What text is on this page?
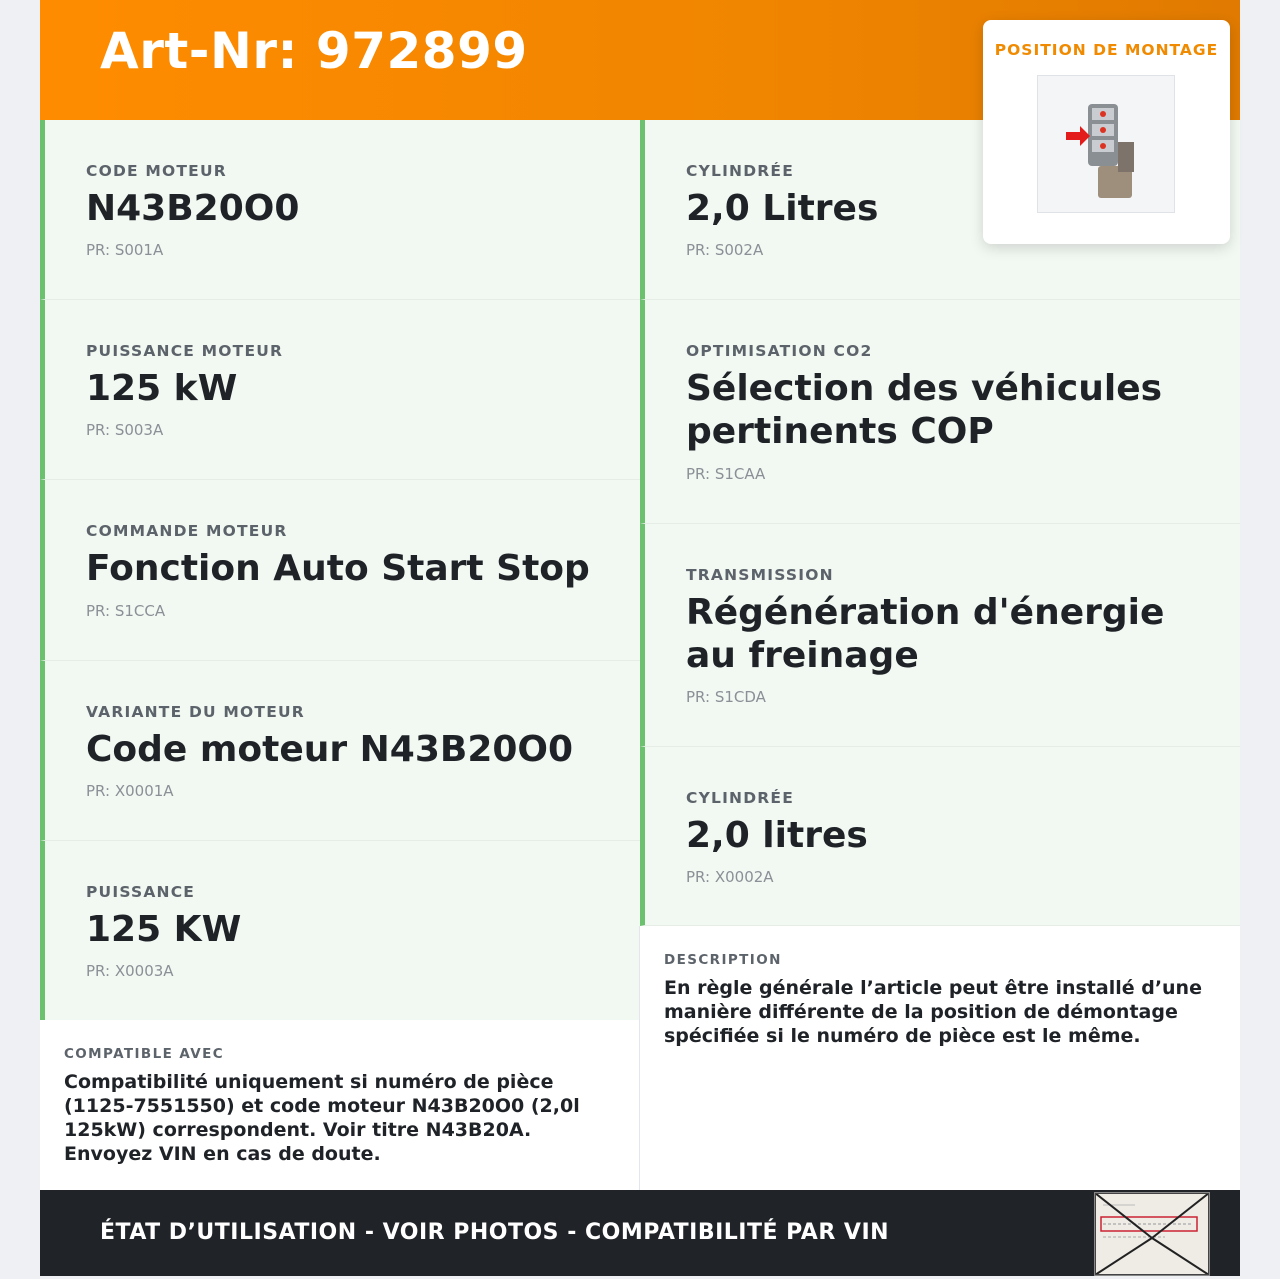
Art-Nr: 972899
CODE MOTEUR
N43B20O0
PR: S001A
PUISSANCE MOTEUR
125 kW
PR: S003A
COMMANDE MOTEUR
Fonction Auto Start Stop
PR: S1CCA
VARIANTE DU MOTEUR
Code moteur N43B20O0
PR: X0001A
PUISSANCE
125 KW
PR: X0003A
CYLINDRÉE
2,0 Litres
PR: S002A
OPTIMISATION CO2
Sélection des véhicules pertinents COP
PR: S1CAA
TRANSMISSION
Régénération d'énergie au freinage
PR: S1CDA
CYLINDRÉE
2,0 litres
PR: X0002A
COMPATIBLE AVEC
Compatibilité uniquement si numéro de pièce (1125-7551550) et code moteur N43B20O0 (2,0l 125kW) correspondent. Voir titre N43B20A. Envoyez VIN en cas de doute.
DESCRIPTION
En règle générale l’article peut être installé d’une manière différente de la position de démontage spécifiée si le numéro de pièce est le même.
ÉTAT D’UTILISATION - VOIR PHOTOS - COMPATIBILITÉ PAR VIN
POSITION DE MONTAGE
